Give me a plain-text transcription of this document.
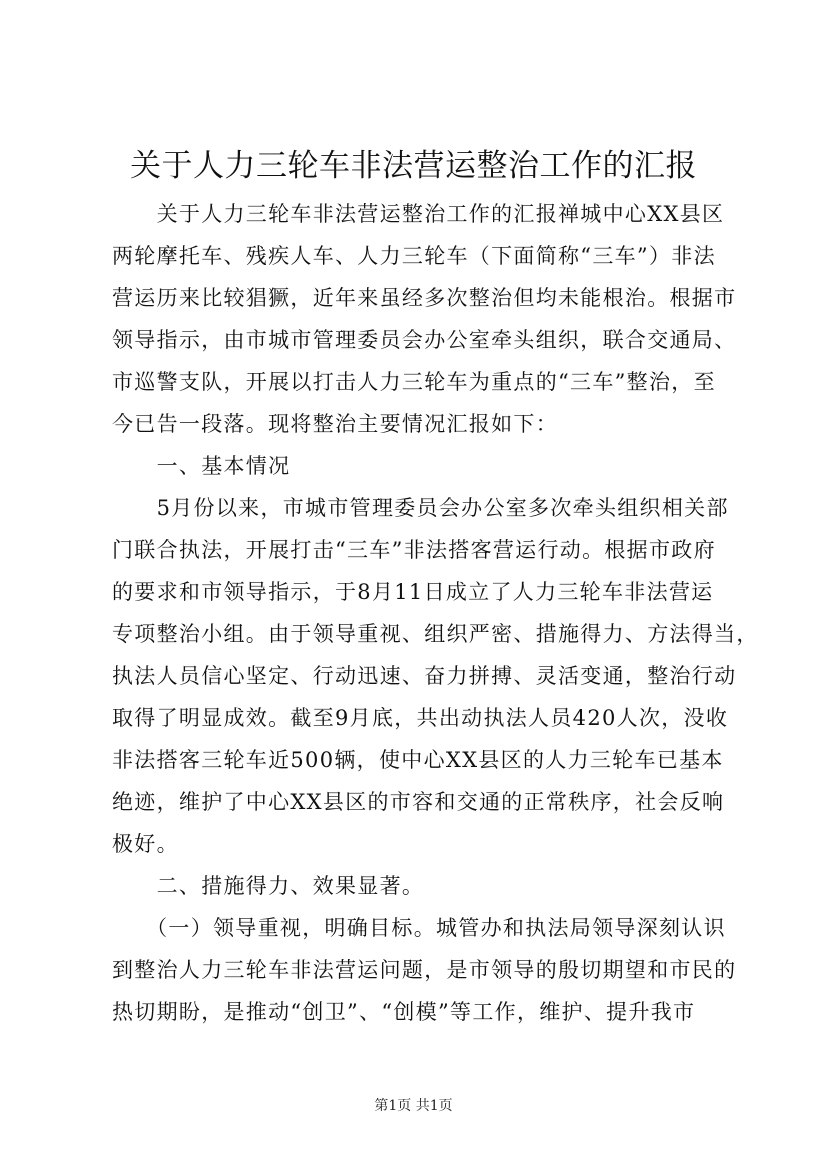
关于人力三轮车非法营运整治工作的汇报
　　关于人力三轮车非法营运整治工作的汇报禅城中心XX县区
两轮摩托车、残疾人车、人力三轮车（下面简称“三车”）非法
营运历来比较猖獗，近年来虽经多次整治但均未能根治。根据市
领导指示，由市城市管理委员会办公室牵头组织，联合交通局、
市巡警支队，开展以打击人力三轮车为重点的“三车”整治，至
今已告一段落。现将整治主要情况汇报如下：
　　一、基本情况
　　5月份以来，市城市管理委员会办公室多次牵头组织相关部
门联合执法，开展打击“三车”非法搭客营运行动。根据市政府
的要求和市领导指示，于8月11日成立了人力三轮车非法营运
专项整治小组。由于领导重视、组织严密、措施得力、方法得当，
执法人员信心坚定、行动迅速、奋力拼搏、灵活变通，整治行动
取得了明显成效。截至9月底，共出动执法人员420人次，没收
非法搭客三轮车近500辆，使中心XX县区的人力三轮车已基本
绝迹，维护了中心XX县区的市容和交通的正常秩序，社会反响
极好。
　　二、措施得力、效果显著。
　　（一）领导重视，明确目标。城管办和执法局领导深刻认识
到整治人力三轮车非法营运问题，是市领导的殷切期望和市民的
热切期盼，是推动“创卫”、“创模”等工作，维护、提升我市
第1页 共1页
